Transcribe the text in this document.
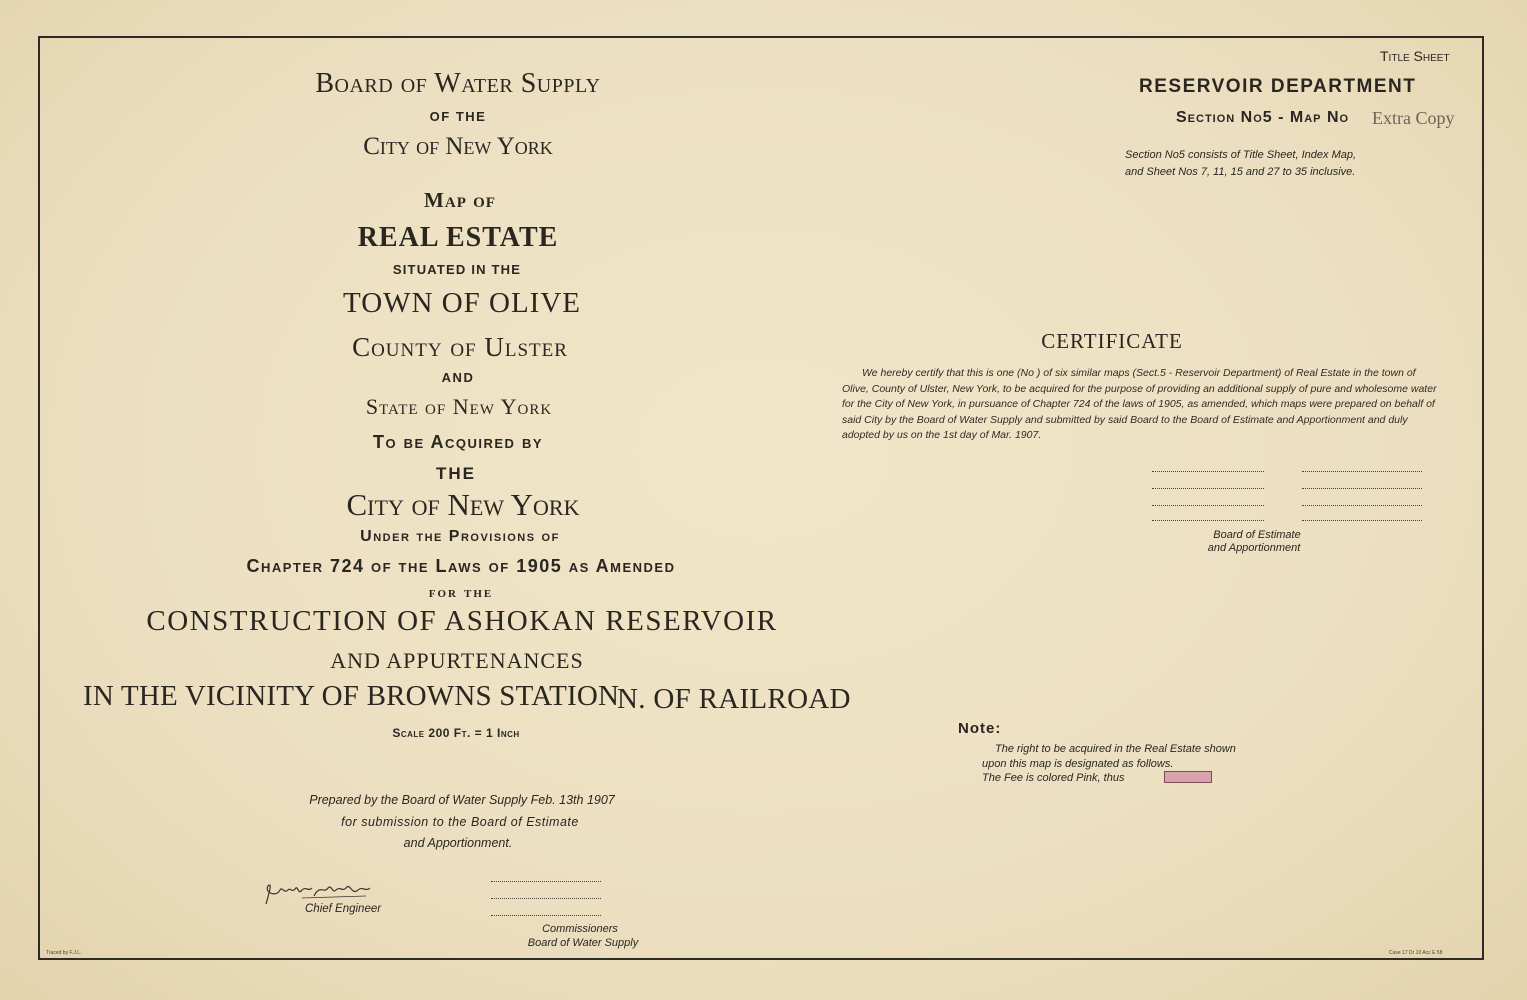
Board of Water Supply
OF THE
City of New York
Map of
REAL ESTATE
SITUATED IN THE
TOWN OF OLIVE
County of Ulster
AND
State of New York
To be Acquired by
THE
City of New York
Under the Provisions of
Chapter 724 of the Laws of 1905 as Amended
for the
CONSTRUCTION OF ASHOKAN RESERVOIR
AND APPURTENANCES
IN THE VICINITY OF BROWNS STATION
N. OF RAILROAD
Scale 200 Ft. = 1 Inch
Prepared by the Board of Water Supply Feb. 13th 1907
for submission to the Board of Estimate
and Apportionment.
Chief Engineer
Commissioners
Board of Water Supply
Title Sheet
RESERVOIR DEPARTMENT
Section No5 - Map No Extra Copy
Section No5 consists of Title Sheet, Index Map,
and Sheet Nos 7, 11, 15 and 27 to 35 inclusive.
CERTIFICATE
We hereby certify that this is one (No ) of six similar maps (Sect.5 - Reservoir Department) of Real Estate in the town of Olive, County of Ulster, New York, to be acquired for the purpose of providing an additional supply of pure and wholesome water for the City of New York, in pursuance of Chapter 724 of the laws of 1905, as amended, which maps were prepared on behalf of said City by the Board of Water Supply and submitted by said Board to the Board of Estimate and Apportionment and duly adopted by us on the 1st day of Mar. 1907.
Board of Estimate
and Apportionment
Note:
The right to be acquired in the Real Estate shown
upon this map is designated as follows.
The Fee is colored Pink, thus
Traced by F.J.L.	Case 17 Dr 10 Acc E 58
